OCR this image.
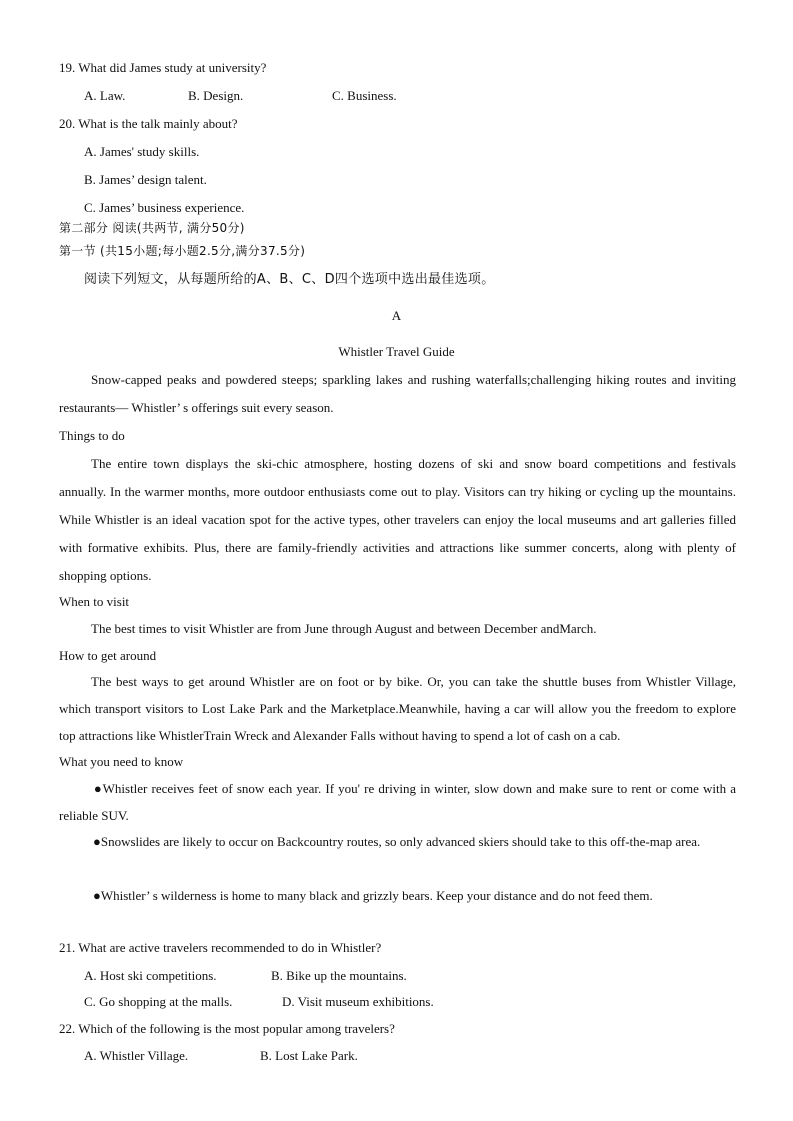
19. What did James study at university?
A. Law.	B. Design.	C. Business.
20. What is the talk mainly about?
A. James' study skills.
B. James’ design talent.
C. James’ business experience.
第二部分 阅读(共两节, 满分50分)
第一节 (共15小题;每小题2.5分,满分37.5分)
阅读下列短文，从每题所给的A、B、C、D四个选项中选出最佳选项。
A
Whistler Travel Guide
Snow-capped peaks and powdered steeps; sparkling lakes and rushing waterfalls;challenging hiking routes and inviting restaurants— Whistler’ s offerings suit every season.
Things to do
The entire town displays the ski-chic atmosphere, hosting dozens of ski and snow board competitions and festivals annually. In the warmer months, more outdoor enthusiasts come out to play. Visitors can try hiking or cycling up the mountains. While Whistler is an ideal vacation spot for the active types, other travelers can enjoy the local museums and art galleries filled with formative exhibits. Plus, there are family-friendly activities and attractions like summer concerts, along with plenty of shopping options.
When to visit
The best times to visit Whistler are from June through August and between December andMarch.
How to get around
The best ways to get around Whistler are on foot or by bike. Or, you can take the shuttle buses from Whistler Village, which transport visitors to Lost Lake Park and the Marketplace.Meanwhile, having a car will allow you the freedom to explore top attractions like WhistlerTrain Wreck and Alexander Falls without having to spend a lot of cash on a cab.
What you need to know
●Whistler receives feet of snow each year. If you' re driving in winter, slow down and make sure to rent or come with a reliable SUV.
●Snowslides are likely to occur on Backcountry routes, so only advanced skiers should take to this off-the-map area.
●Whistler’ s wilderness is home to many black and grizzly bears. Keep your distance and do not feed them.
21. What are active travelers recommended to do in Whistler?
A. Host ski competitions.	B. Bike up the mountains.
C. Go shopping at the malls.	D. Visit museum exhibitions.
22. Which of the following is the most popular among travelers?
A. Whistler Village.	B. Lost Lake Park.
